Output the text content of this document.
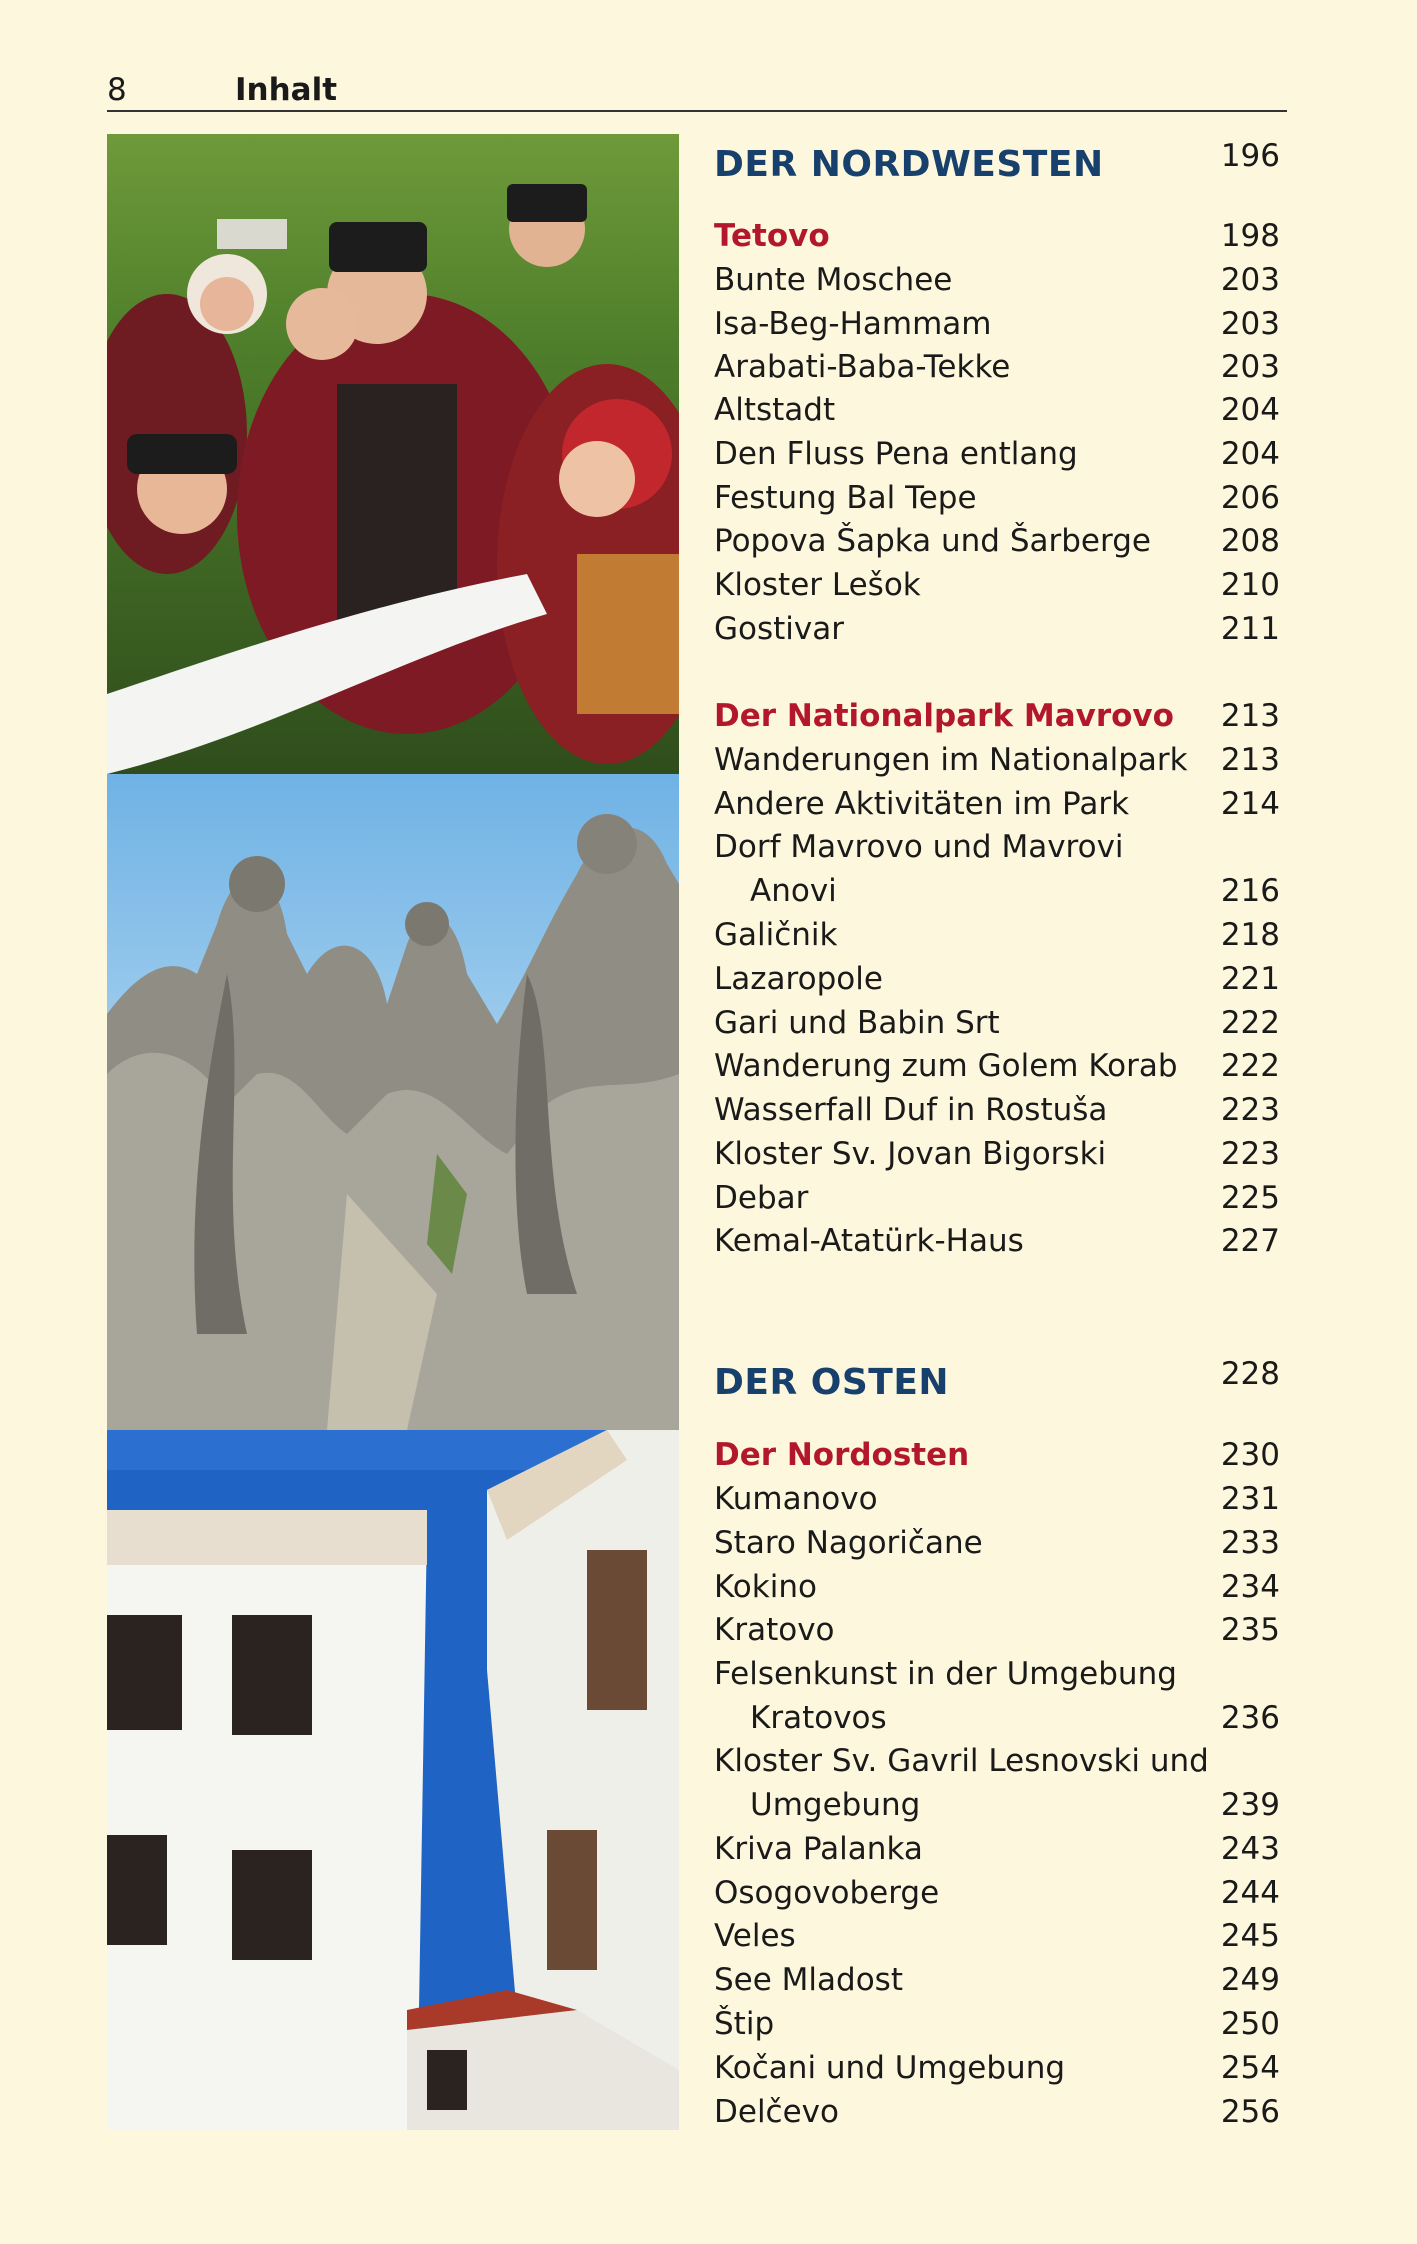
8	Inhalt
DER NORDWESTEN	196
Tetovo	198
Bunte Moschee	203
Isa-Beg-Hammam	203
Arabati-Baba-Tekke	203
Altstadt	204
Den Fluss Pena entlang	204
Festung Bal Tepe	206
Popova Šapka und Šarberge 208
Kloster Lešok	210
Gostivar	211
Der Nationalpark Mavrovo 213
Wanderungen im Nationalpark 213
Andere Aktivitäten im Park	214
Dorf Mavrovo und Mavrovi
Anovi	216
Galičnik	218
Lazaropole	221
Gari und Babin Srt	222
Wanderung zum Golem Korab 222
Wasserfall Duf in Rostuša	223
Kloster Sv. Jovan Bigorski	223
Debar	225
Kemal-Atatürk-Haus	227
DER OSTEN	228
Der Nordosten	230
Kumanovo	231
Staro Nagoričane	233
Kokino	234
Kratovo	235
Felsenkunst in der Umgebung
Kratovos	236
Kloster Sv. Gavril Lesnovski und
Umgebung	239
Kriva Palanka	243
Osogovoberge	244
Veles	245
See Mladost	249
Štip	250
Kočani und Umgebung	254
Delčevo	256
